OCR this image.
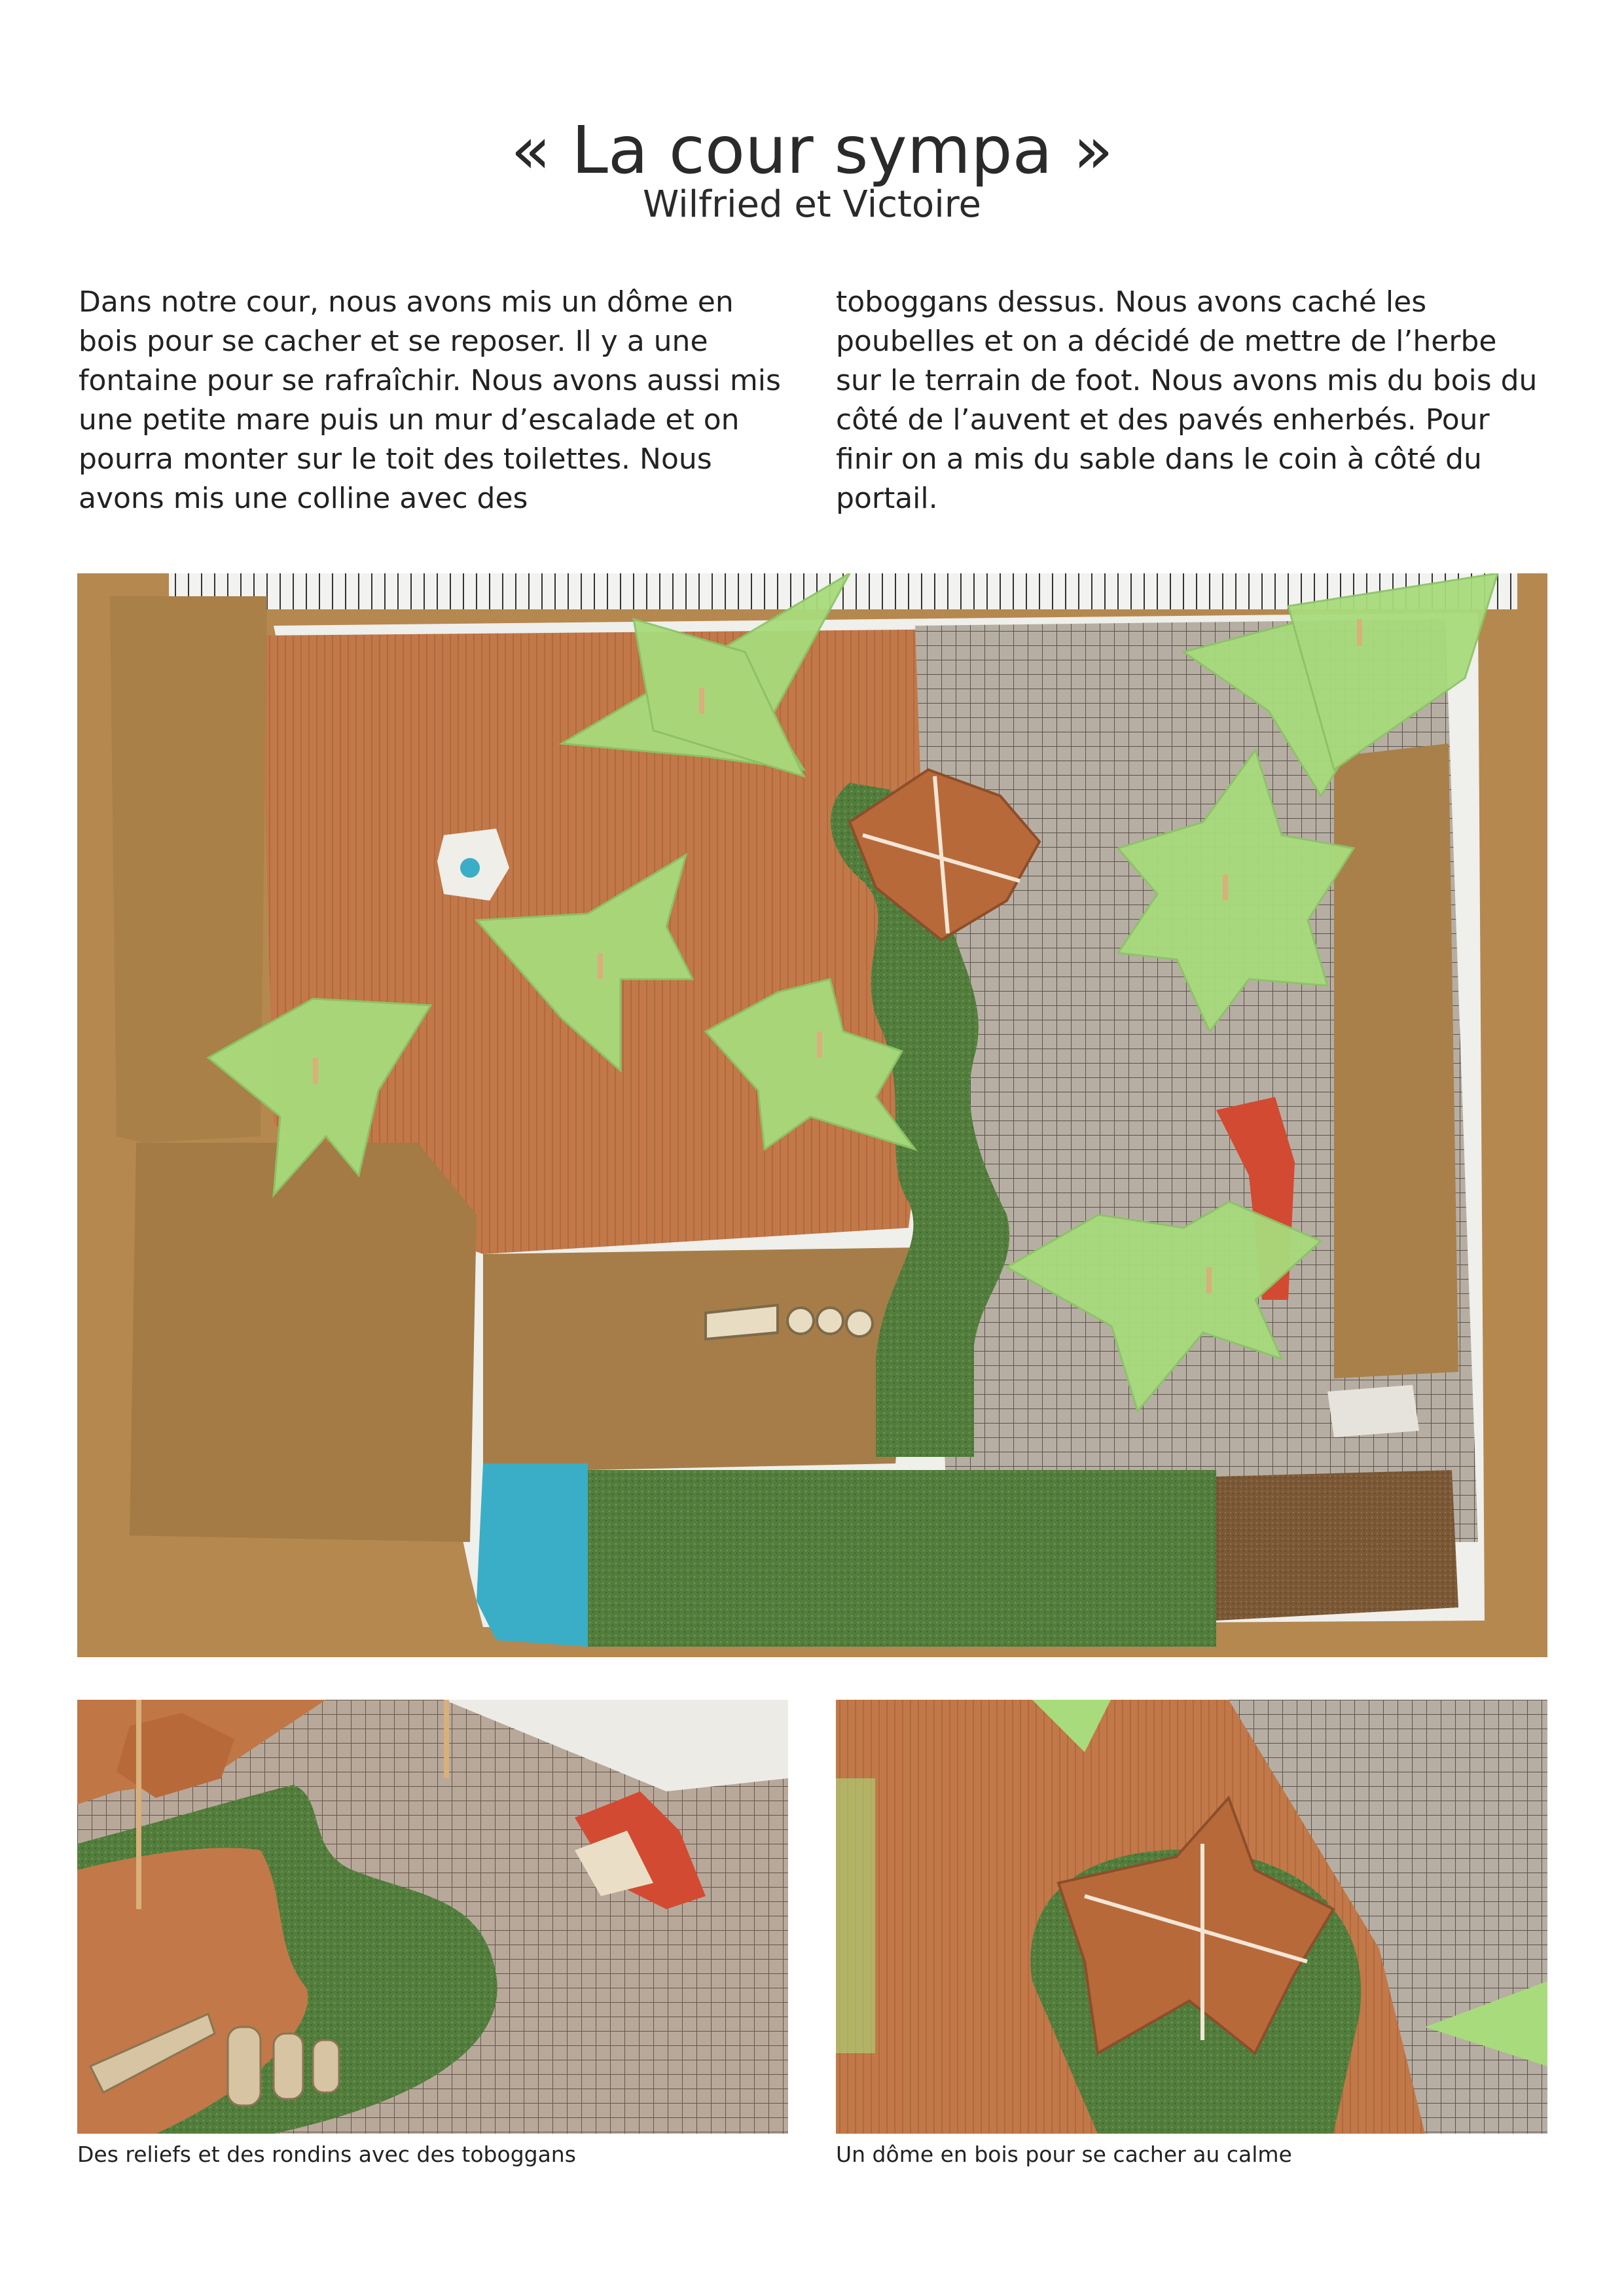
« La cour sympa »
Wilfried et Victoire
Dans notre cour, nous avons mis un dôme en bois pour se cacher et se reposer. Il y a une fontaine pour se rafraîchir. Nous avons aussi mis une petite mare puis un mur d’escalade et on pourra monter sur le toit des toilettes. Nous avons mis une colline avec des
toboggans dessus. Nous avons caché les poubelles et on a décidé de mettre de l’herbe sur le terrain de foot. Nous avons mis du bois du côté de l’auvent et des pavés enherbés. Pour finir on a mis du sable dans le coin à côté du portail.
Des reliefs et des rondins avec des toboggans	Un dôme en bois pour se cacher au calme
